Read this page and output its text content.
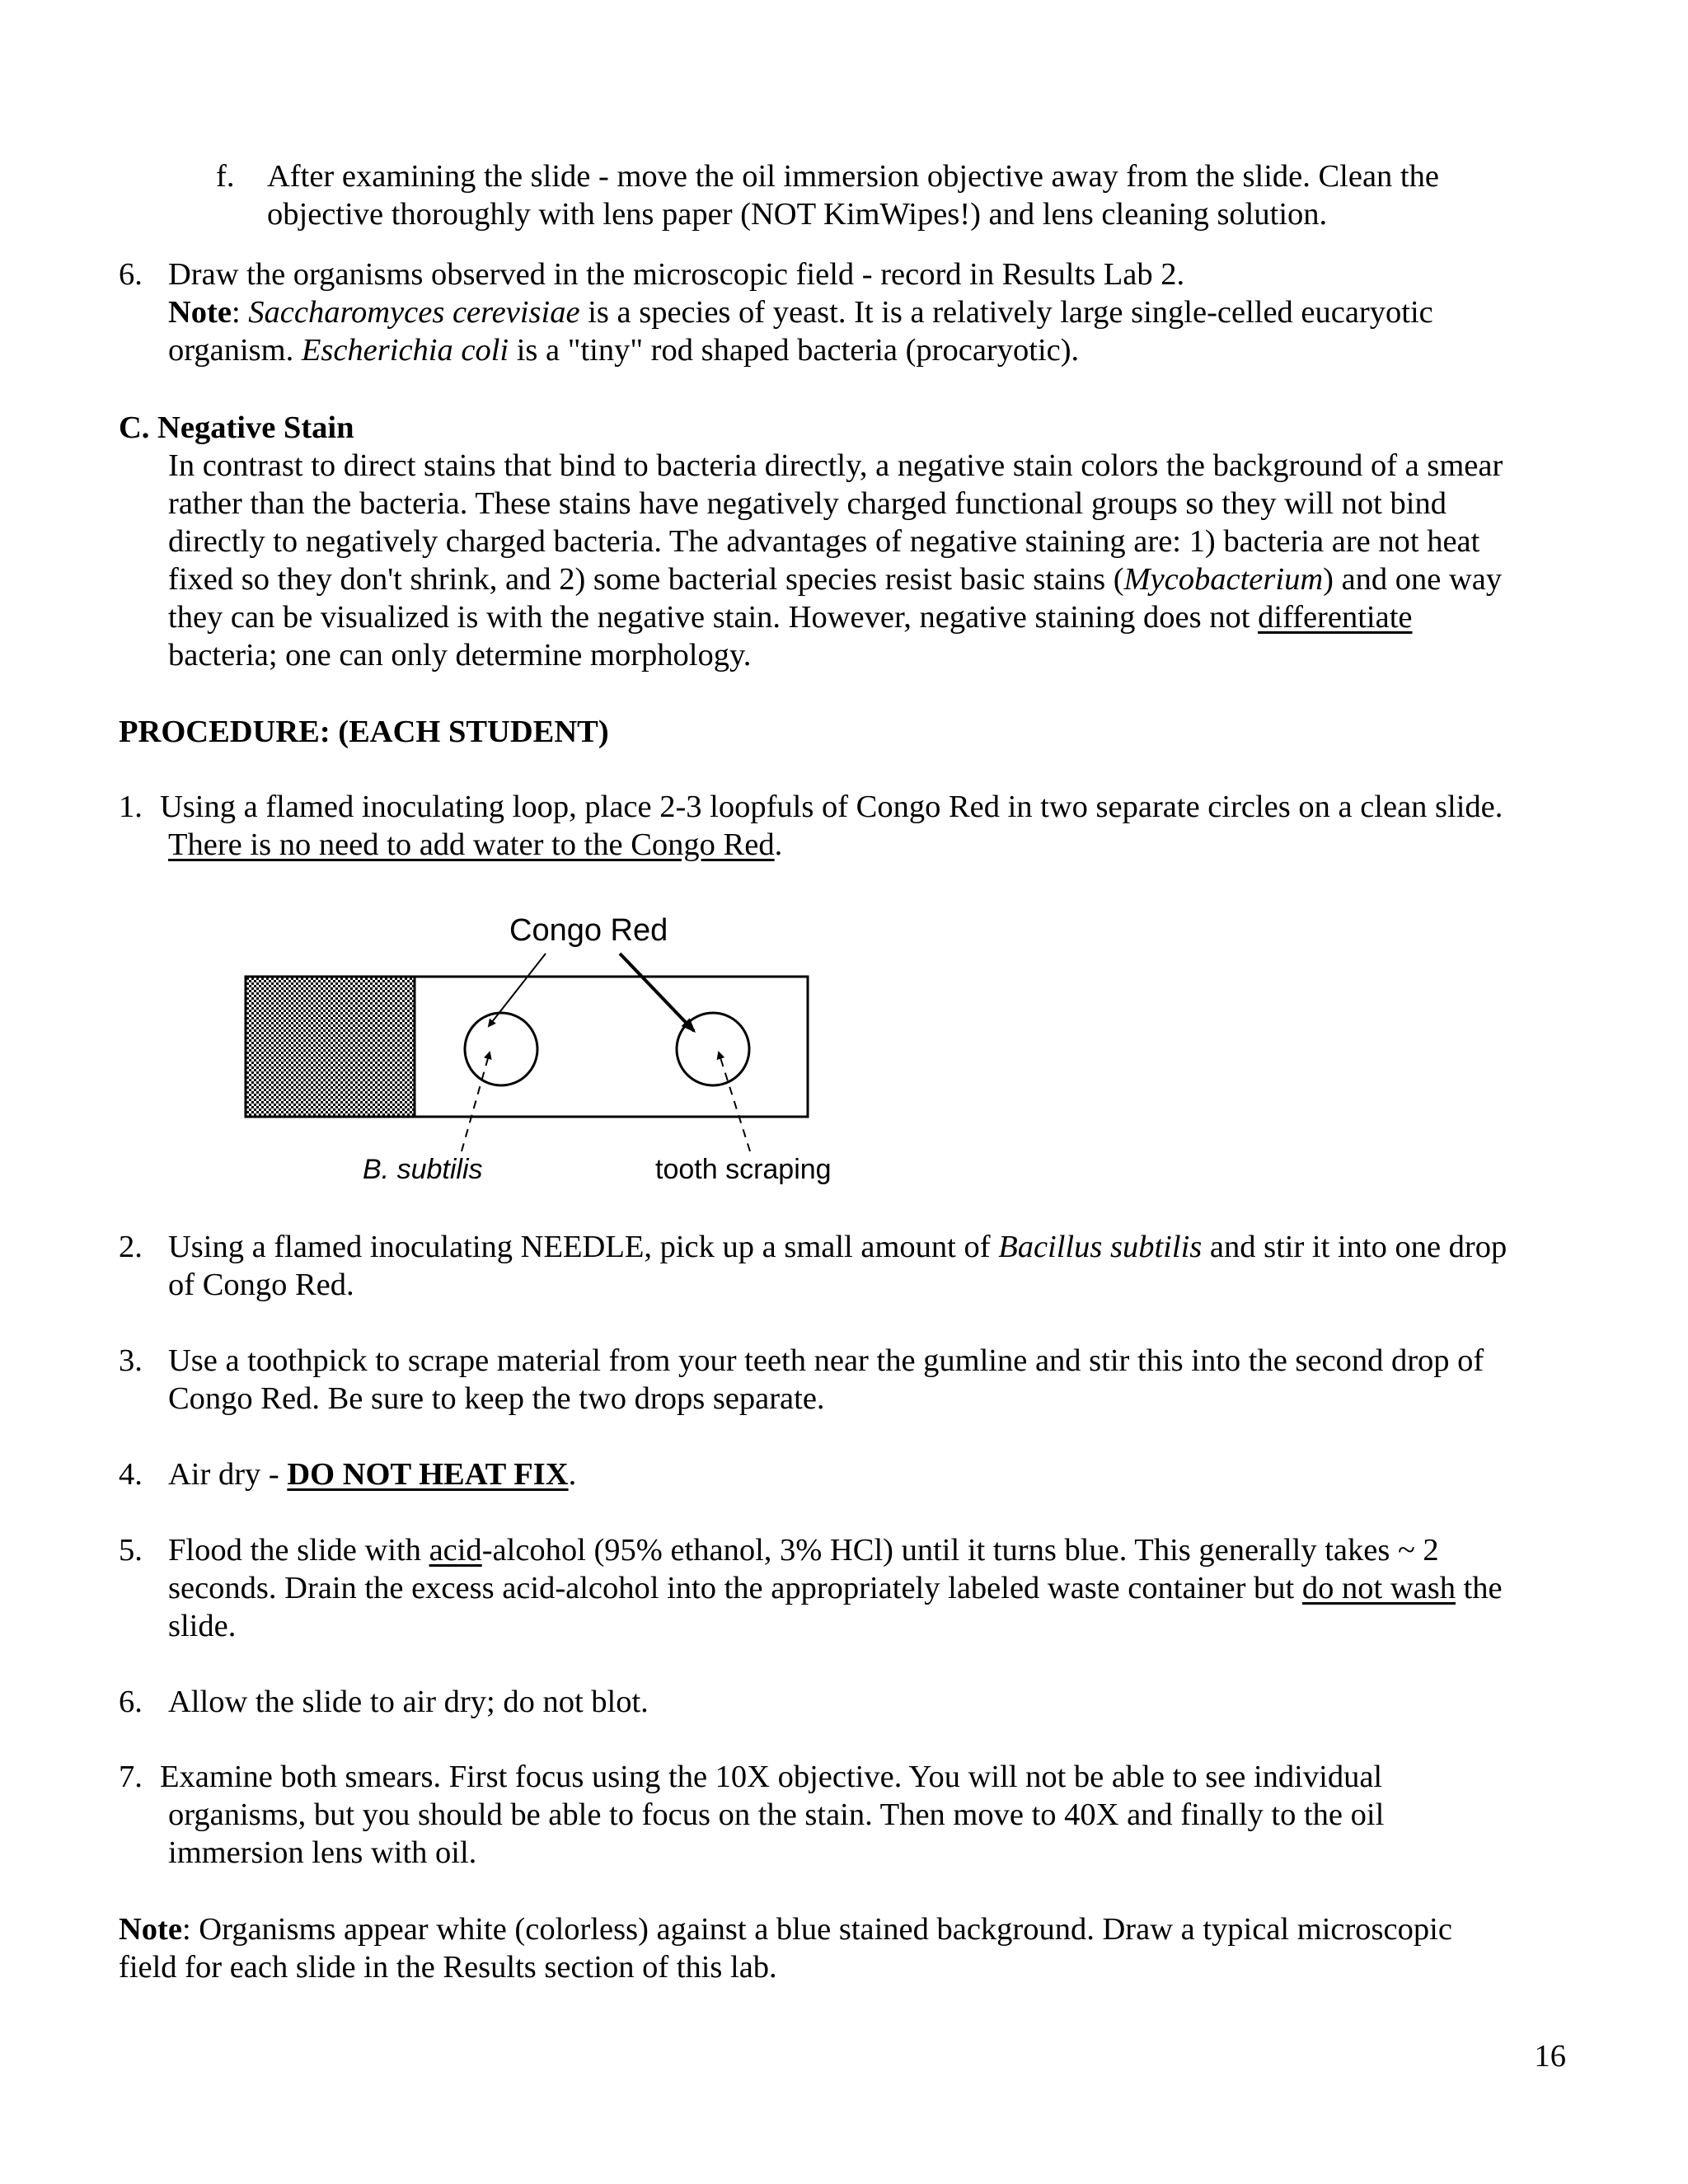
f. After examining the slide - move the oil immersion objective away from the slide. Clean the
objective thoroughly with lens paper (NOT KimWipes!) and lens cleaning solution.
6. Draw the organisms observed in the microscopic field - record in Results Lab 2.
Note: Saccharomyces cerevisiae is a species of yeast. It is a relatively large single-celled eucaryotic
organism. Escherichia coli is a "tiny" rod shaped bacteria (procaryotic).
C. Negative Stain
In contrast to direct stains that bind to bacteria directly, a negative stain colors the background of a smear
rather than the bacteria. These stains have negatively charged functional groups so they will not bind
directly to negatively charged bacteria. The advantages of negative staining are: 1) bacteria are not heat
fixed so they don't shrink, and 2) some bacterial species resist basic stains (Mycobacterium) and one way
they can be visualized is with the negative stain. However, negative staining does not differentiate
bacteria; one can only determine morphology.
PROCEDURE: (EACH STUDENT)
1. Using a flamed inoculating loop, place 2-3 loopfuls of Congo Red in two separate circles on a clean slide.
There is no need to add water to the Congo Red.
Congo Red
B. subtilis	tooth scraping
2. Using a flamed inoculating NEEDLE, pick up a small amount of Bacillus subtilis and stir it into one drop
of Congo Red.
3. Use a toothpick to scrape material from your teeth near the gumline and stir this into the second drop of
Congo Red. Be sure to keep the two drops separate.
4. Air dry - DO NOT HEAT FIX.
5. Flood the slide with acid-alcohol (95% ethanol, 3% HCl) until it turns blue. This generally takes ~ 2
seconds. Drain the excess acid-alcohol into the appropriately labeled waste container but do not wash the
slide.
6. Allow the slide to air dry; do not blot.
7. Examine both smears. First focus using the 10X objective. You will not be able to see individual
organisms, but you should be able to focus on the stain. Then move to 40X and finally to the oil
immersion lens with oil.
Note: Organisms appear white (colorless) against a blue stained background. Draw a typical microscopic
field for each slide in the Results section of this lab.
16
